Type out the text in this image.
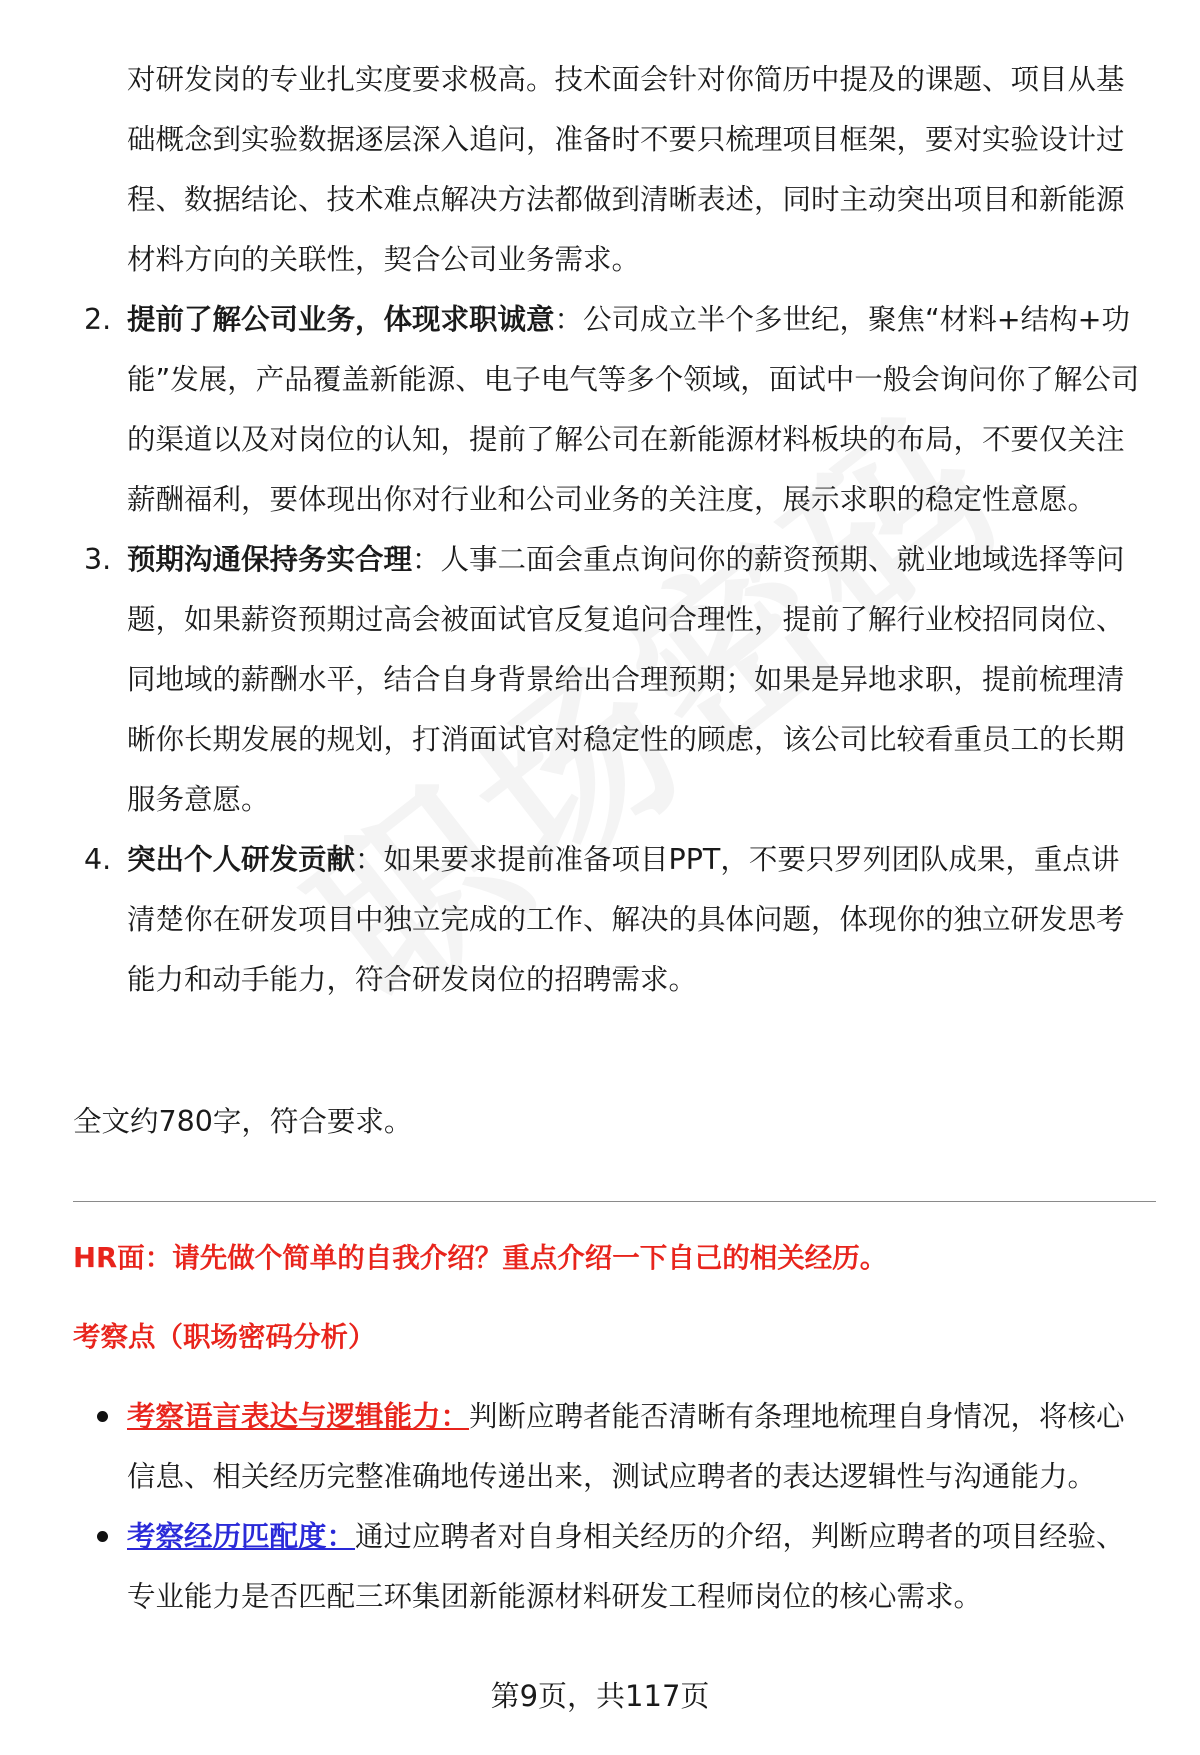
对研发岗的专业扎实度要求极高。技术面会针对你简历中提及的课题、项目从基础概念到实验数据逐层深入追问，准备时不要只梳理项目框架，要对实验设计过程、数据结论、技术难点解决方法都做到清晰表述，同时主动突出项目和新能源材料方向的关联性，契合公司业务需求。
2. 提前了解公司业务，体现求职诚意：公司成立半个多世纪，聚焦“材料+结构+功能”发展，产品覆盖新能源、电子电气等多个领域，面试中一般会询问你了解公司的渠道以及对岗位的认知，提前了解公司在新能源材料板块的布局，不要仅关注薪酬福利，要体现出你对行业和公司业务的关注度，展示求职的稳定性意愿。
3. 预期沟通保持务实合理：人事二面会重点询问你的薪资预期、就业地域选择等问题，如果薪资预期过高会被面试官反复追问合理性，提前了解行业校招同岗位、同地域的薪酬水平，结合自身背景给出合理预期；如果是异地求职，提前梳理清晰你长期发展的规划，打消面试官对稳定性的顾虑，该公司比较看重员工的长期服务意愿。
4. 突出个人研发贡献：如果要求提前准备项目PPT，不要只罗列团队成果，重点讲清楚你在研发项目中独立完成的工作、解决的具体问题，体现你的独立研发思考能力和动手能力，符合研发岗位的招聘需求。
全文约780字，符合要求。
HR面：请先做个简单的自我介绍？重点介绍一下自己的相关经历。
考察点（职场密码分析）
考察语言表达与逻辑能力：判断应聘者能否清晰有条理地梳理自身情况，将核心信息、相关经历完整准确地传递出来，测试应聘者的表达逻辑性与沟通能力。
考察经历匹配度：通过应聘者对自身相关经历的介绍，判断应聘者的项目经验、专业能力是否匹配三环集团新能源材料研发工程师岗位的核心需求。
第9页，共117页
